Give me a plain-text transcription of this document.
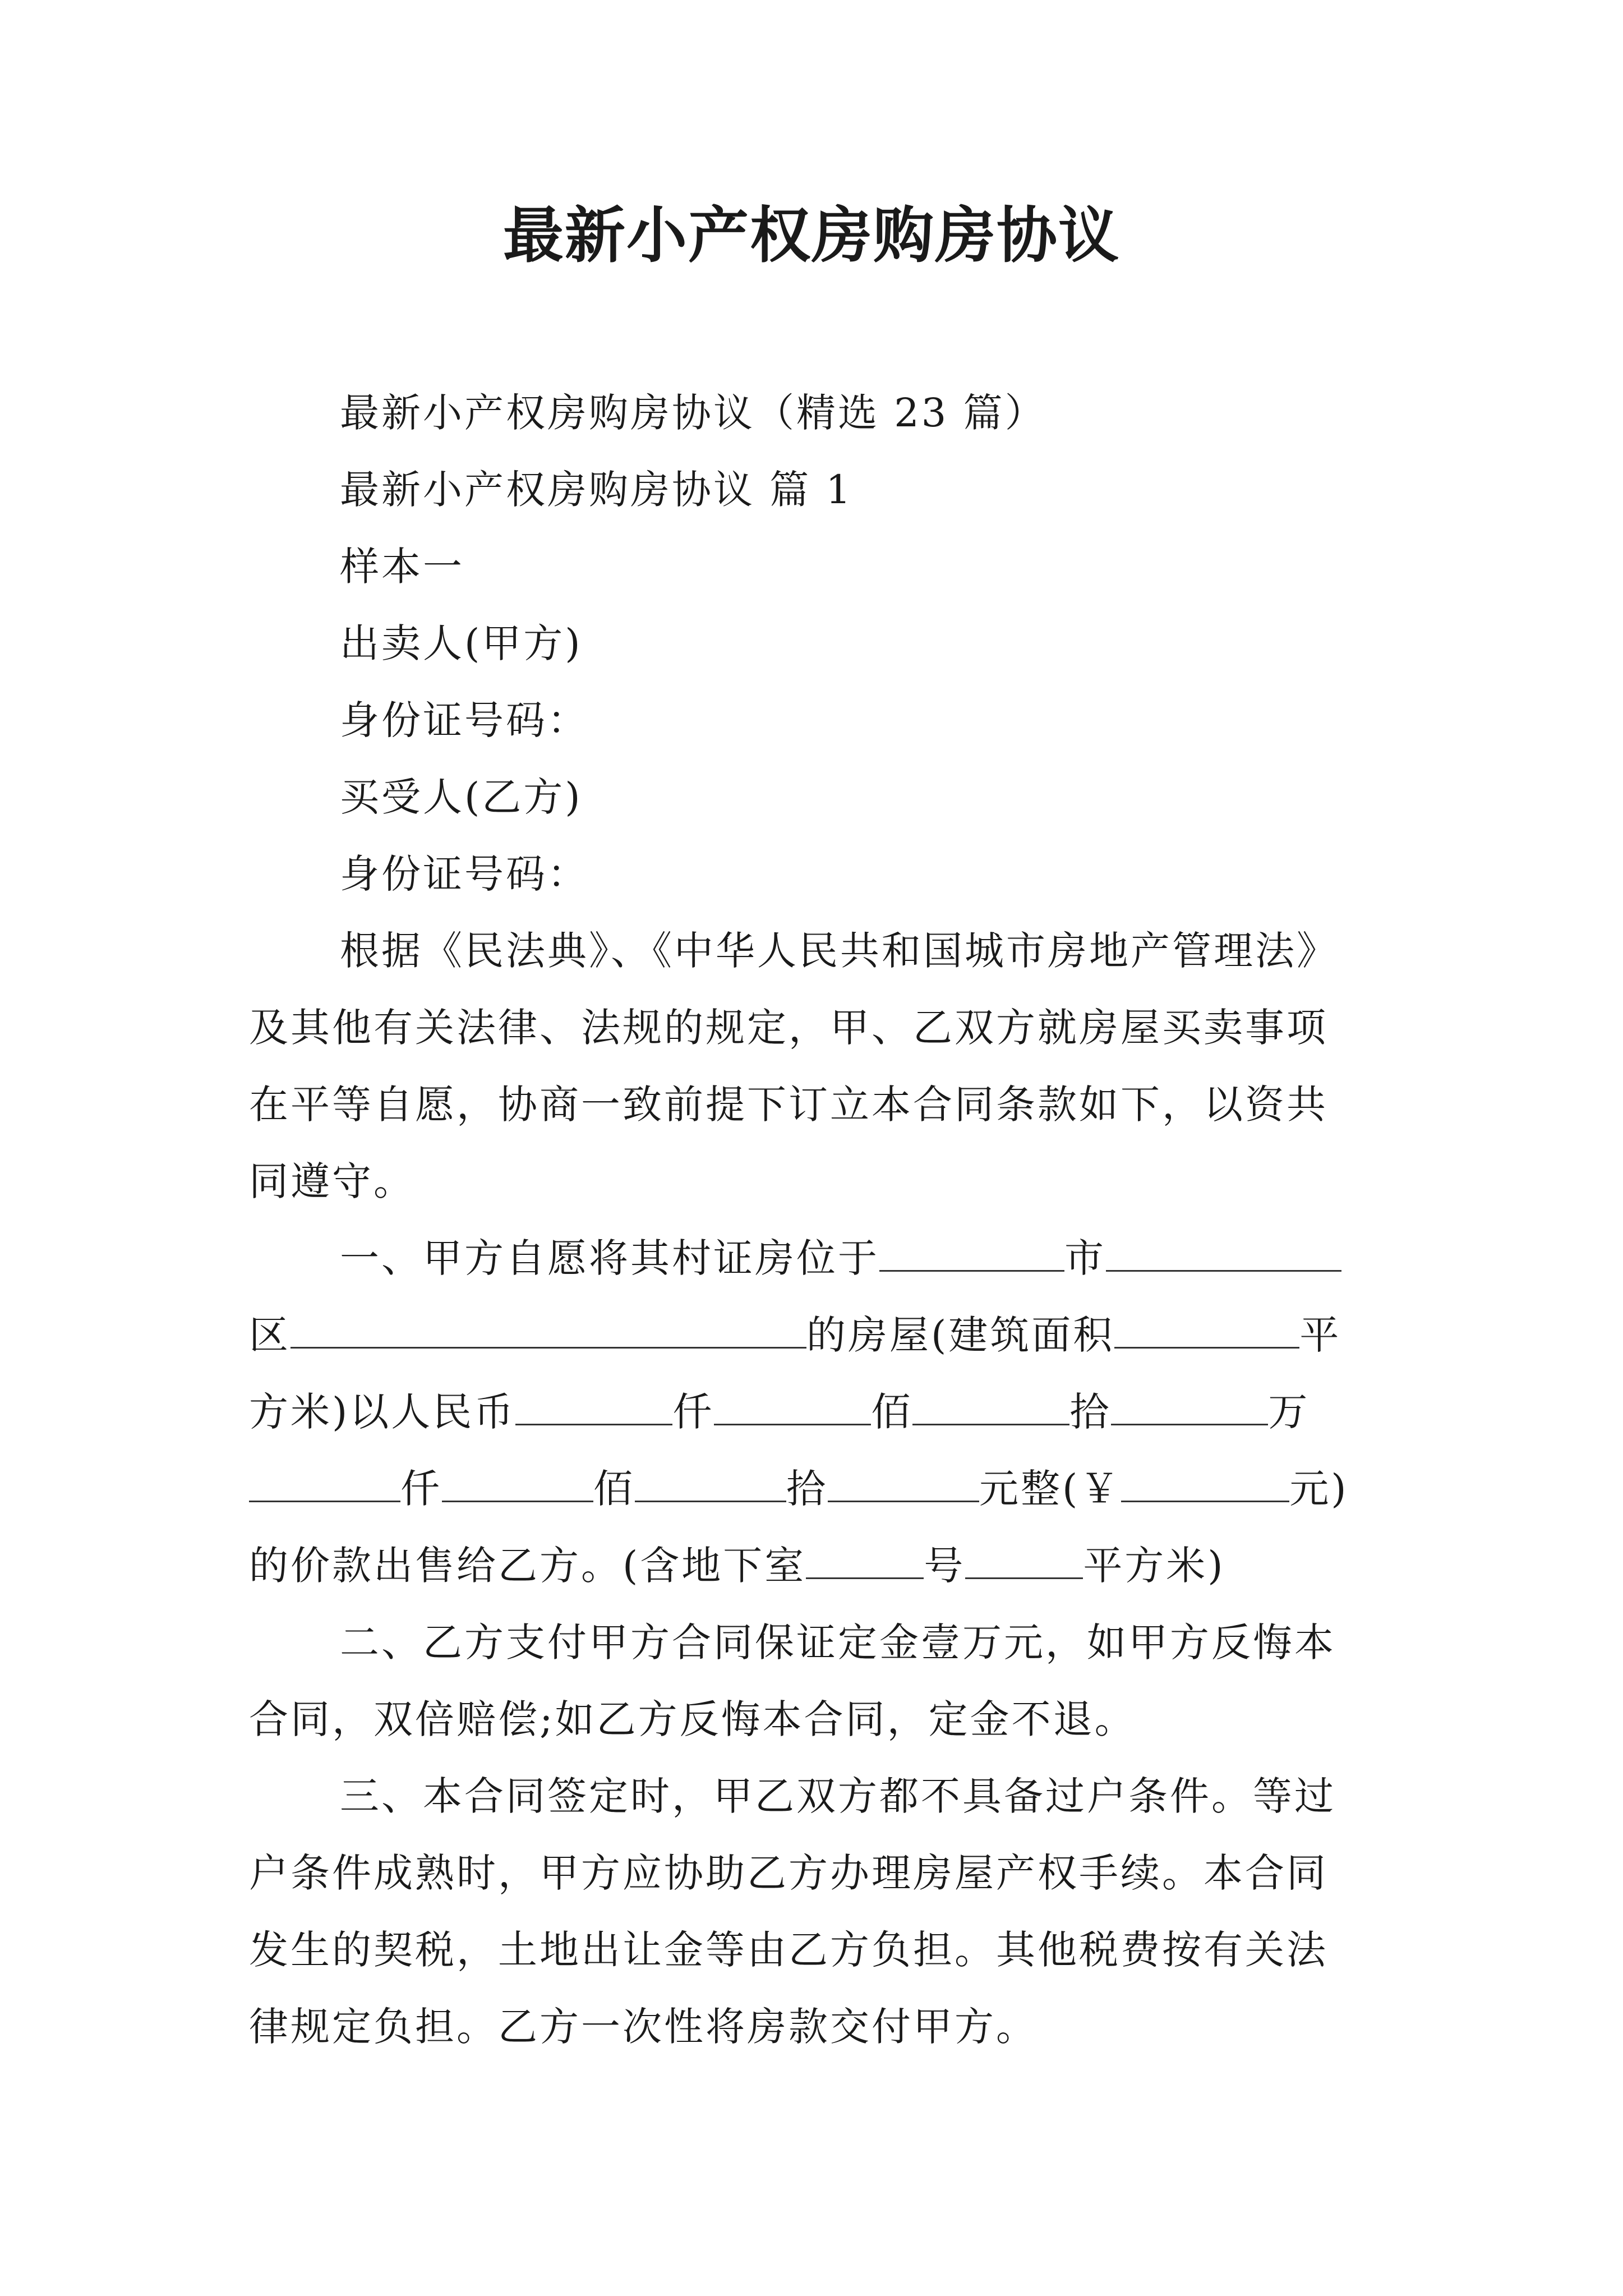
最新小产权房购房协议
最新小产权房购房协议（精选 23 篇）
最新小产权房购房协议 篇 1
样本一
出卖人(甲方)
身份证号码：
买受人(乙方)
身份证号码：
根据《民法典》、《中华人民共和国城市房地产管理法》
及其他有关法律、法规的规定，甲、乙双方就房屋买卖事项
在平等自愿，协商一致前提下订立本合同条款如下，以资共
同遵守。
一、甲方自愿将其村证房位于	市
区	的房屋(建筑面积	平
方米)以人民币	仟	佰	拾	万
仟	佰	拾	元整(￥	元)
的价款出售给乙方。(含地下室	号	平方米)
二、乙方支付甲方合同保证定金壹万元，如甲方反悔本
合同，双倍赔偿;如乙方反悔本合同，定金不退。
三、本合同签定时，甲乙双方都不具备过户条件。等过
户条件成熟时，甲方应协助乙方办理房屋产权手续。本合同
发生的契税，土地出让金等由乙方负担。其他税费按有关法
律规定负担。乙方一次性将房款交付甲方。
